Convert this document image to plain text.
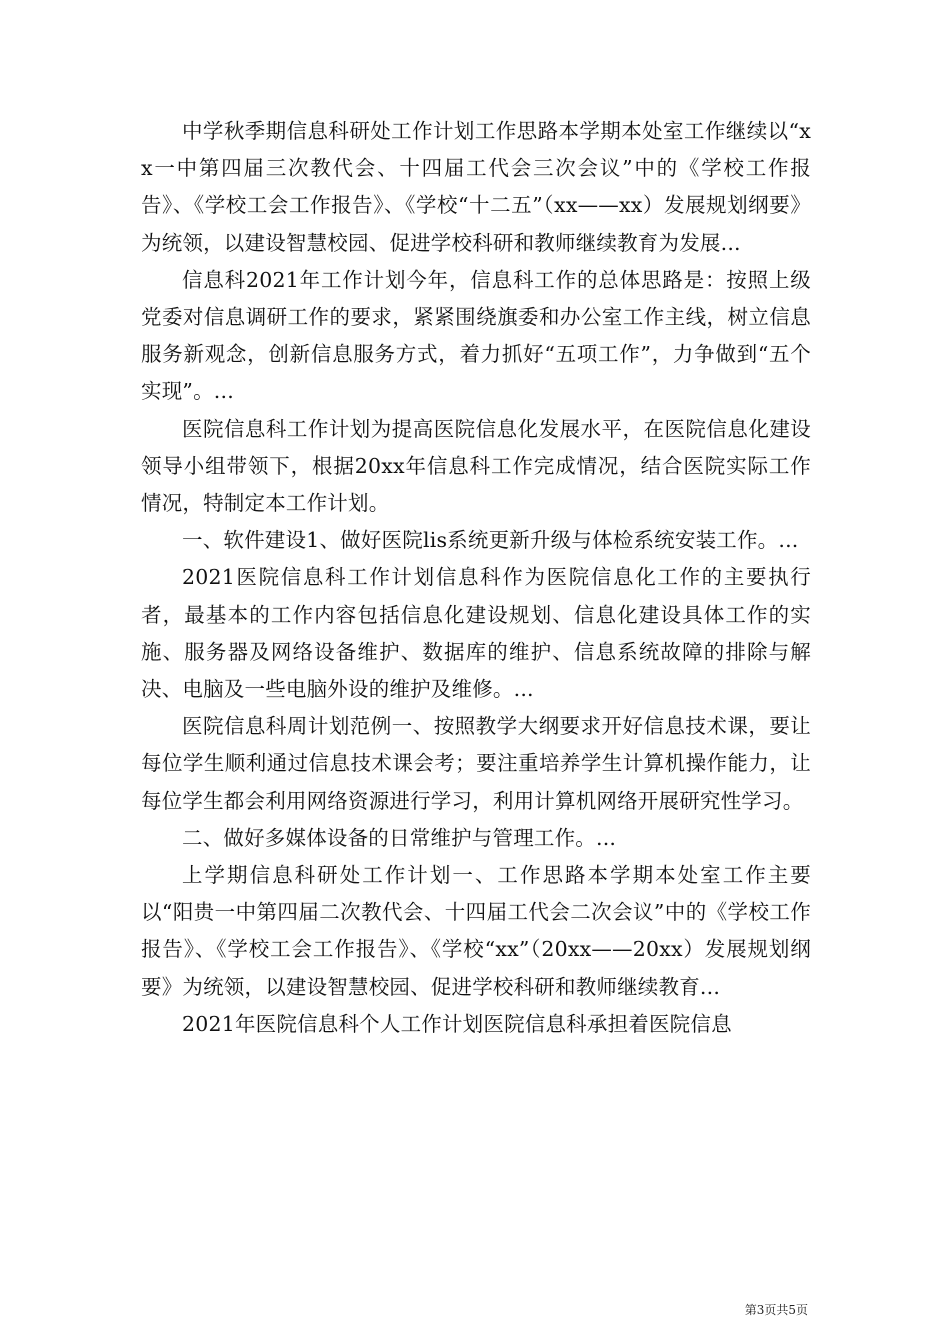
中学秋季期信息科研处工作计划工作思路本学期本处室工作继续以“xx一中第四届三次教代会、十四届工代会三次会议”中的《学校工作报告》、《学校工会工作报告》、《学校“十二五”（xx——xx）发展规划纲要》为统领，以建设智慧校园、促进学校科研和教师继续教育为发展...

信息科2021年工作计划今年，信息科工作的总体思路是：按照上级党委对信息调研工作的要求，紧紧围绕旗委和办公室工作主线，树立信息服务新观念，创新信息服务方式，着力抓好“五项工作”，力争做到“五个实现”。...

医院信息科工作计划为提高医院信息化发展水平，在医院信息化建设领导小组带领下，根据20xx年信息科工作完成情况，结合医院实际工作情况，特制定本工作计划。

一、软件建设1、做好医院lis系统更新升级与体检系统安装工作。...

2021医院信息科工作计划信息科作为医院信息化工作的主要执行者，最基本的工作内容包括信息化建设规划、信息化建设具体工作的实施、服务器及网络设备维护、数据库的维护、信息系统故障的排除与解决、电脑及一些电脑外设的维护及维修。...

医院信息科周计划范例一、按照教学大纲要求开好信息技术课，要让每位学生顺利通过信息技术课会考；要注重培养学生计算机操作能力，让每位学生都会利用网络资源进行学习，利用计算机网络开展研究性学习。

二、做好多媒体设备的日常维护与管理工作。...

上学期信息科研处工作计划一、工作思路本学期本处室工作主要以“阳贵一中第四届二次教代会、十四届工代会二次会议”中的《学校工作报告》、《学校工会工作报告》、《学校“xx”（20xx——20xx）发展规划纲要》为统领，以建设智慧校园、促进学校科研和教师继续教育...

2021年医院信息科个人工作计划医院信息科承担着医院信息

第3页共5页
